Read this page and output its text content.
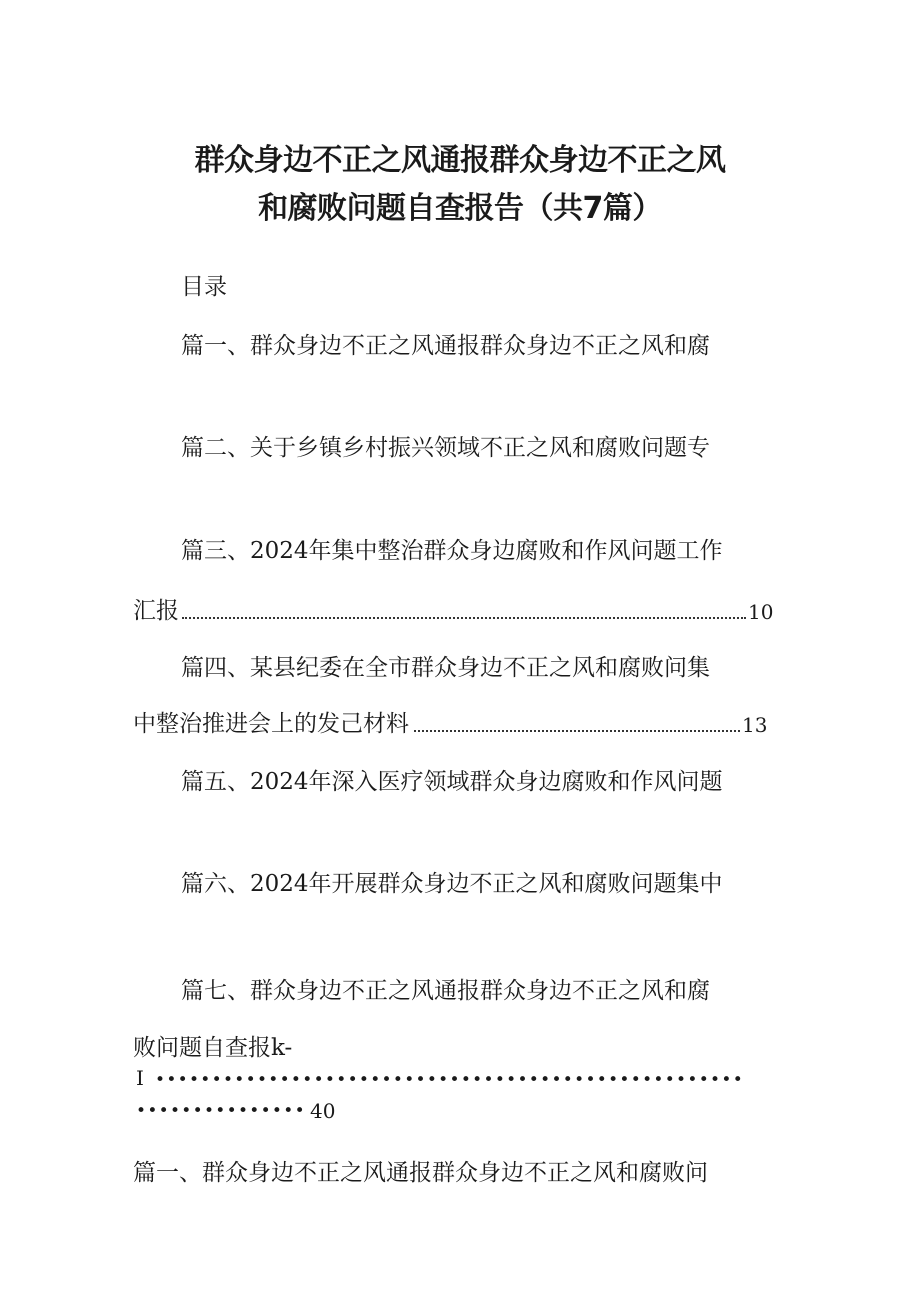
群众身边不正之风通报群众身边不正之风
和腐败问题自查报告（共7篇）
目录
篇一、群众身边不正之风通报群众身边不正之风和腐
篇二、关于乡镇乡村振兴领域不正之风和腐败问题专
篇三、2024年集中整治群众身边腐败和作风问题工作
汇报	10
篇四、某县纪委在全市群众身边不正之风和腐败问集
中整治推进会上的发己材料	13
篇五、2024年深入医疗领域群众身边腐败和作风问题
篇六、2024年开展群众身边不正之风和腐败问题集中
篇七、群众身边不正之风通报群众身边不正之风和腐
败问题自查报k-
I ••••••••••••••••••••••••••••••••••••••••••••••••••••
••••••••••••••• 40
篇一、群众身边不正之风通报群众身边不正之风和腐败问
